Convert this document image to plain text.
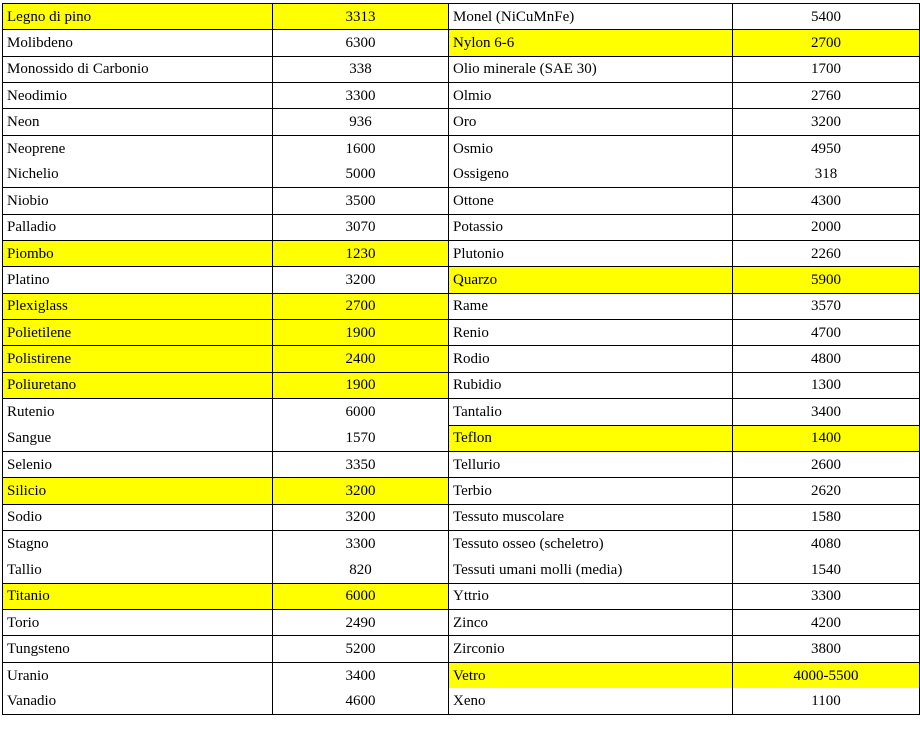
Legno di pino	3313	Monel (NiCuMnFe)	5400
Molibdeno	6300	Nylon 6-6	2700
Monossido di Carbonio	338	Olio minerale (SAE 30)	1700
Neodimio	3300	Olmio	2760
Neon	936	Oro	3200
Neoprene	1600	Osmio	4950
Nichelio	5000	Ossigeno	318
Niobio	3500	Ottone	4300
Palladio	3070	Potassio	2000
Piombo	1230	Plutonio	2260
Platino	3200	Quarzo	5900
Plexiglass	2700	Rame	3570
Polietilene	1900	Renio	4700
Polistirene	2400	Rodio	4800
Poliuretano	1900	Rubidio	1300
Rutenio	6000	Tantalio	3400
Sangue	1570	Teflon	1400
Selenio	3350	Tellurio	2600
Silicio	3200	Terbio	2620
Sodio	3200	Tessuto muscolare	1580
Stagno	3300	Tessuto osseo (scheletro)	4080
Tallio	820	Tessuti umani molli (media)	1540
Titanio	6000	Yttrio	3300
Torio	2490	Zinco	4200
Tungsteno	5200	Zirconio	3800
Uranio	3400	Vetro	4000-5500
Vanadio	4600	Xeno	1100
